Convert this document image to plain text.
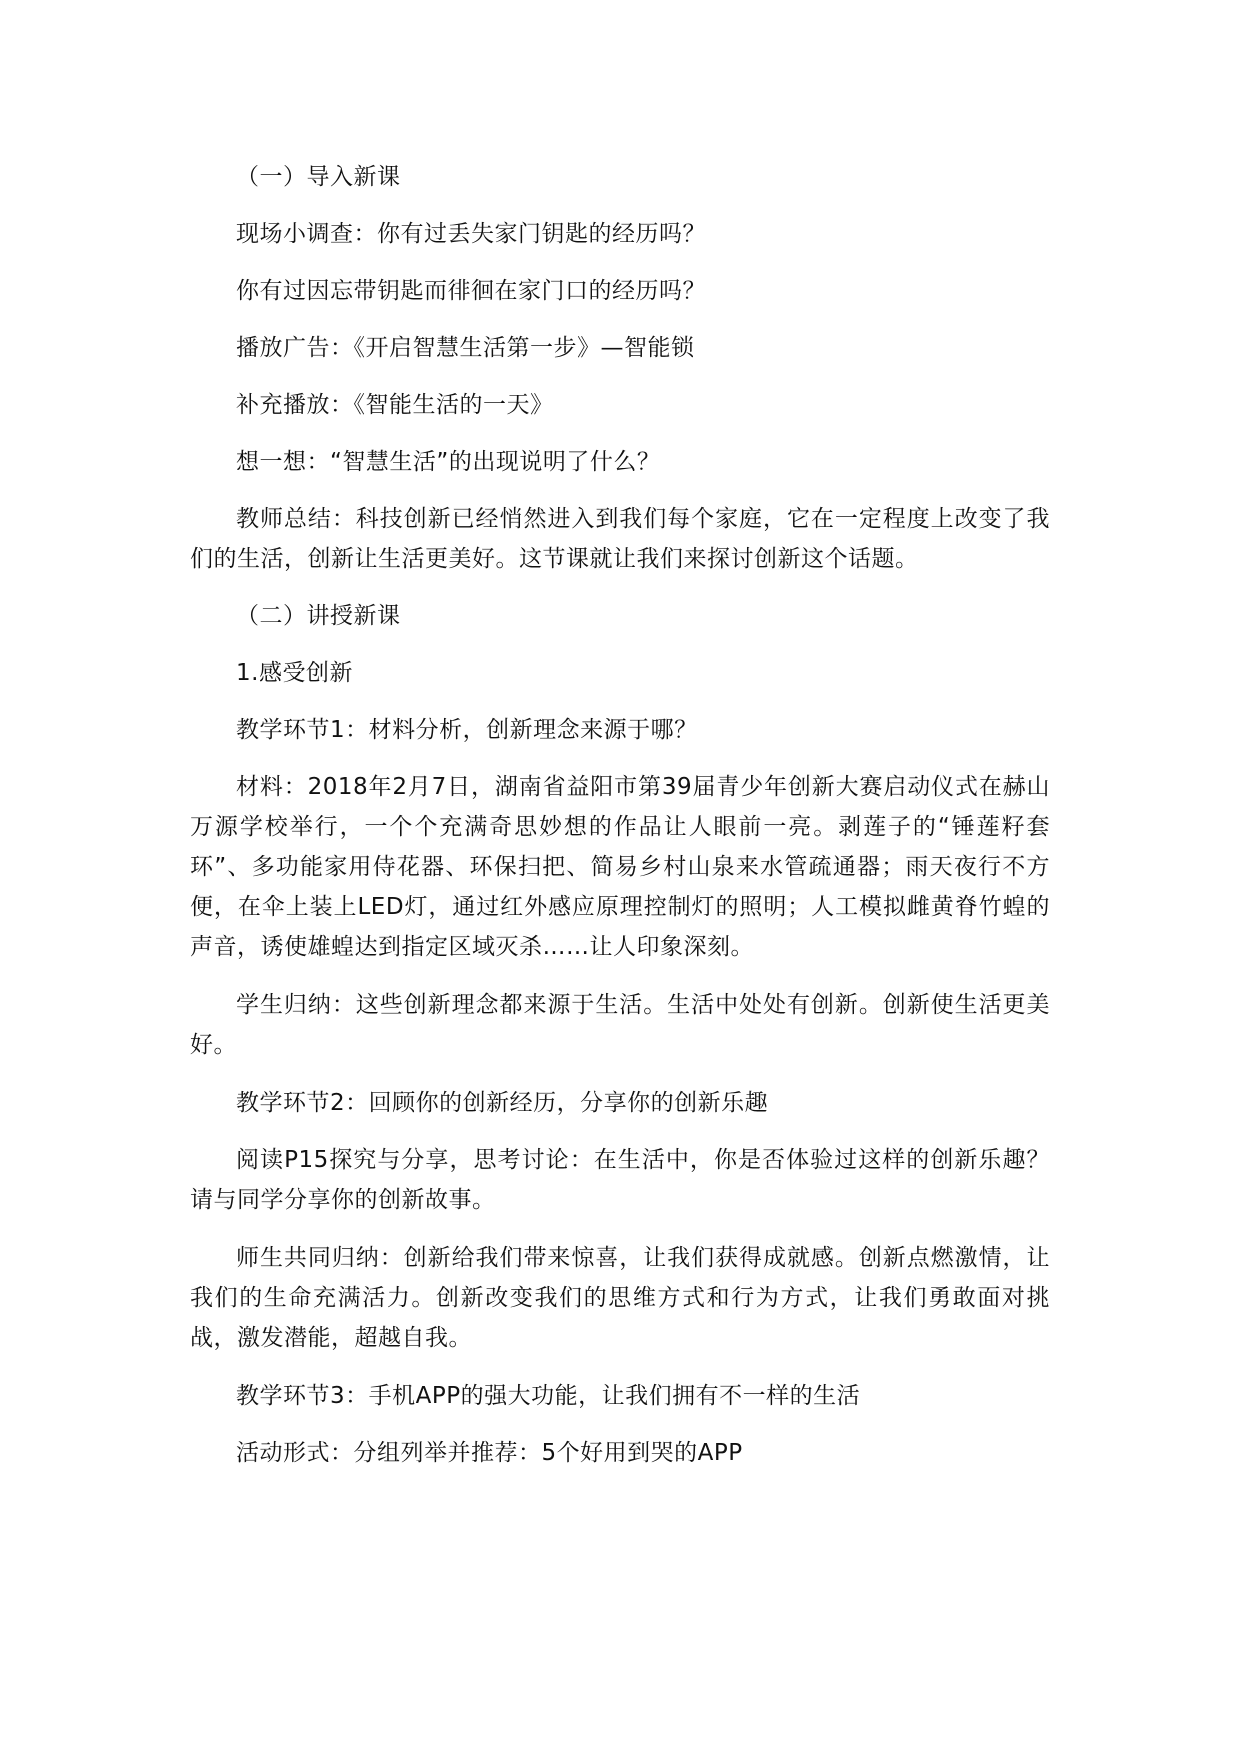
（一）导入新课

现场小调查：你有过丢失家门钥匙的经历吗？

你有过因忘带钥匙而徘徊在家门口的经历吗？

播放广告：《开启智慧生活第一步》—智能锁

补充播放：《智能生活的一天》

想一想：“智慧生活”的出现说明了什么？

教师总结：科技创新已经悄然进入到我们每个家庭，它在一定程度上改变了我们的生活，创新让生活更美好。这节课就让我们来探讨创新这个话题。

（二）讲授新课

1.感受创新

教学环节1：材料分析，创新理念来源于哪？

材料：2018年2月7日，湖南省益阳市第39届青少年创新大赛启动仪式在赫山万源学校举行，一个个充满奇思妙想的作品让人眼前一亮。剥莲子的“锤莲籽套环”、多功能家用侍花器、环保扫把、简易乡村山泉来水管疏通器；雨天夜行不方便，在伞上装上LED灯，通过红外感应原理控制灯的照明；人工模拟雌黄脊竹蝗的声音，诱使雄蝗达到指定区域灭杀……让人印象深刻。

学生归纳：这些创新理念都来源于生活。生活中处处有创新。创新使生活更美好。

教学环节2：回顾你的创新经历，分享你的创新乐趣

阅读P15探究与分享，思考讨论：在生活中，你是否体验过这样的创新乐趣？请与同学分享你的创新故事。

师生共同归纳：创新给我们带来惊喜，让我们获得成就感。创新点燃激情，让我们的生命充满活力。创新改变我们的思维方式和行为方式，让我们勇敢面对挑战，激发潜能，超越自我。

教学环节3：手机APP的强大功能，让我们拥有不一样的生活

活动形式：分组列举并推荐：5个好用到哭的APP
